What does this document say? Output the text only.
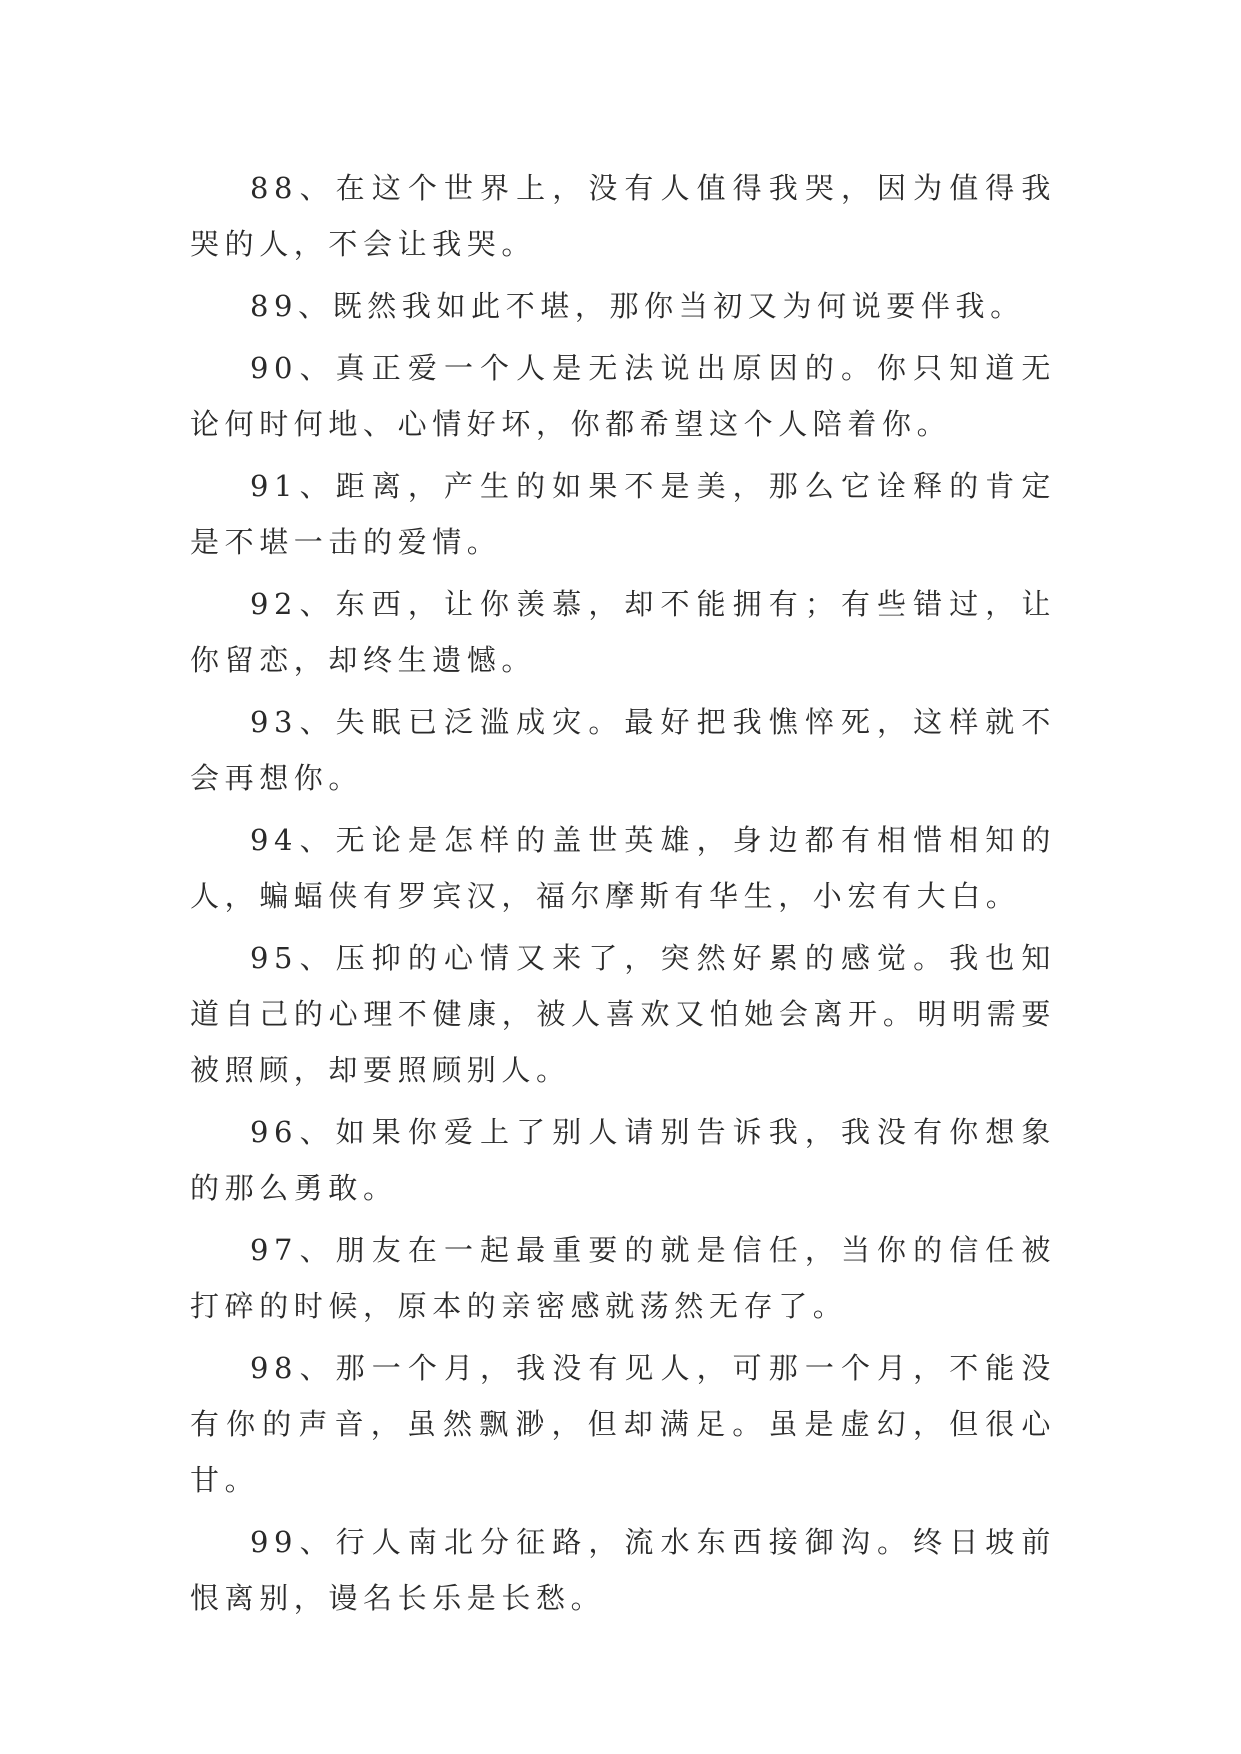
88、在这个世界上，没有人值得我哭，因为值得我哭的人，不会让我哭。

89、既然我如此不堪，那你当初又为何说要伴我。

90、真正爱一个人是无法说出原因的。你只知道无论何时何地、心情好坏，你都希望这个人陪着你。

91、距离，产生的如果不是美，那么它诠释的肯定是不堪一击的爱情。

92、东西，让你羡慕，却不能拥有；有些错过，让你留恋，却终生遗憾。

93、失眠已泛滥成灾。最好把我憔悴死，这样就不会再想你。

94、无论是怎样的盖世英雄，身边都有相惜相知的人，蝙蝠侠有罗宾汉，福尔摩斯有华生，小宏有大白。

95、压抑的心情又来了，突然好累的感觉。我也知道自己的心理不健康，被人喜欢又怕她会离开。明明需要被照顾，却要照顾别人。

96、如果你爱上了别人请别告诉我，我没有你想象的那么勇敢。

97、朋友在一起最重要的就是信任，当你的信任被打碎的时候，原本的亲密感就荡然无存了。

98、那一个月，我没有见人，可那一个月，不能没有你的声音，虽然飘渺，但却满足。虽是虚幻，但很心甘。

99、行人南北分征路，流水东西接御沟。终日坡前恨离别，谩名长乐是长愁。
